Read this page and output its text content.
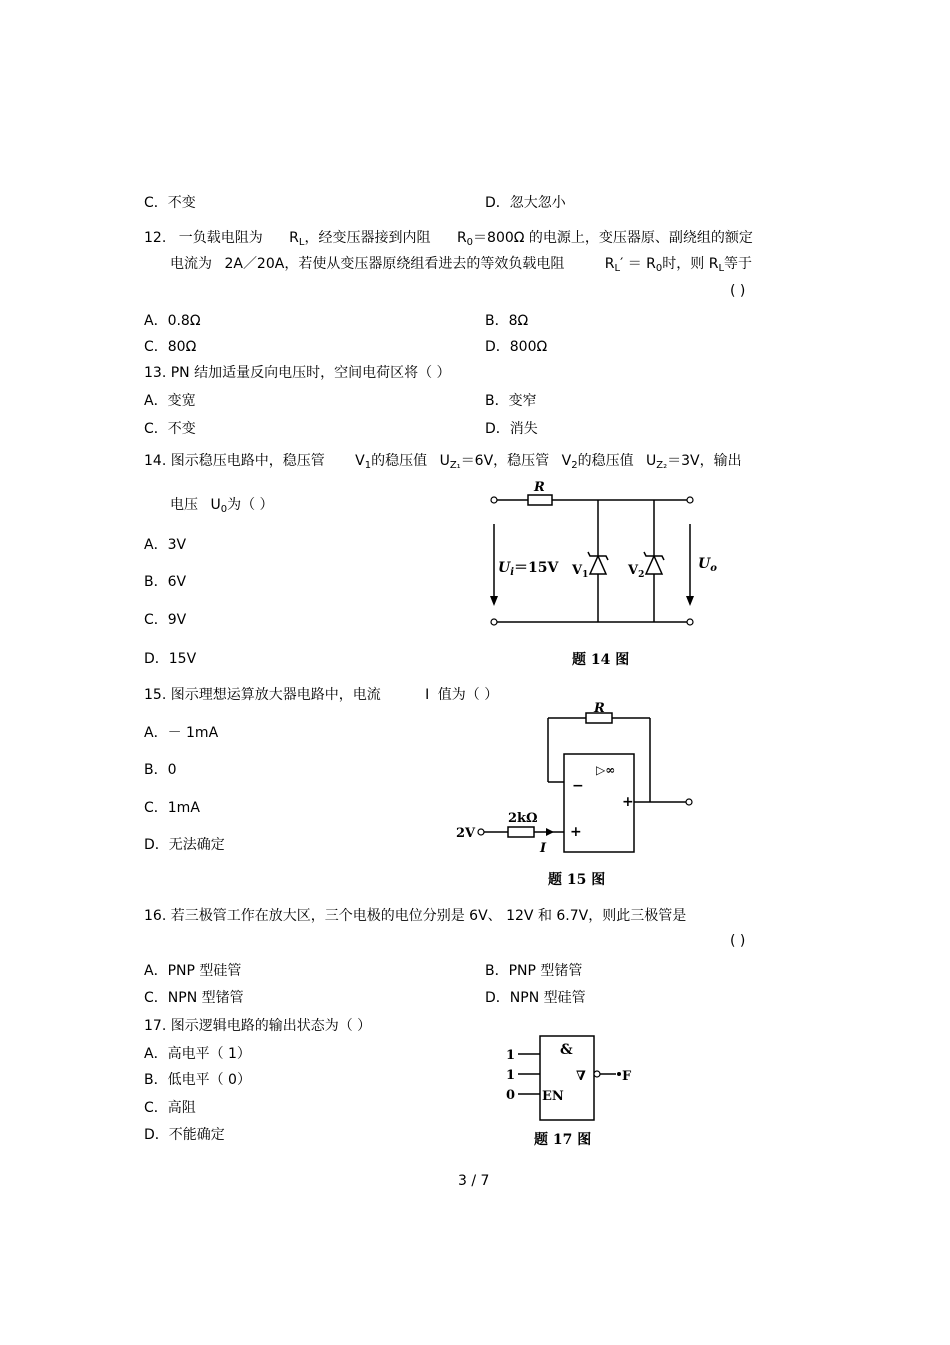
C．不变	D．忽大忽小
12. 一负载电阻为 $R_L$，经变压器接到内阻 $R_0=800\Omega$ 的电源上，变压器原、副绕组的额定
电流为 2A／20A，若使从变压器原绕组看进去的等效负载电阻	$R_L' = R_0$时，则 $R_L$等于
( )
A．0.8Ω	B．8Ω
C．80Ω	D．800Ω
13. PN 结加适量反向电压时，空间电荷区将（ ）
A．变宽	B．变窄
C．不变	D．消失
14. 图示稳压电路中，稳压管 $V_1$的稳压值 $U_{Z_1}=6V$，稳压管 $V_2$的稳压值 $U_{Z_2}=3V$，输出
电压 $U_0$为（ ）
A．3V
B．6V
C．9V
D．15V
R
$U_i=15V$ $V_1$	$V_2$
$U_o$
题 14 图
15. 图示理想运算放大器电路中，电流	I 值为（ ）
A．－ 1mA
B．0
C．1mA
D．无法确定
▷∞
−
+
+
R
2V
2kΩ
I
题 15 图
16. 若三极管工作在放大区，三个电极的电位分别是 6V、 12V 和 6.7V，则此三极管是
( )
A．PNP 型硅管	B．PNP 型锗管
C．NPN 型锗管	D．NPN 型硅管
17. 图示逻辑电路的输出状态为（ ）
A．高电平（ 1）
B．低电平（ 0）
C．高阻
D．不能确定
1
1
0
&
∇
EN
F
题 17 图
3 / 7
